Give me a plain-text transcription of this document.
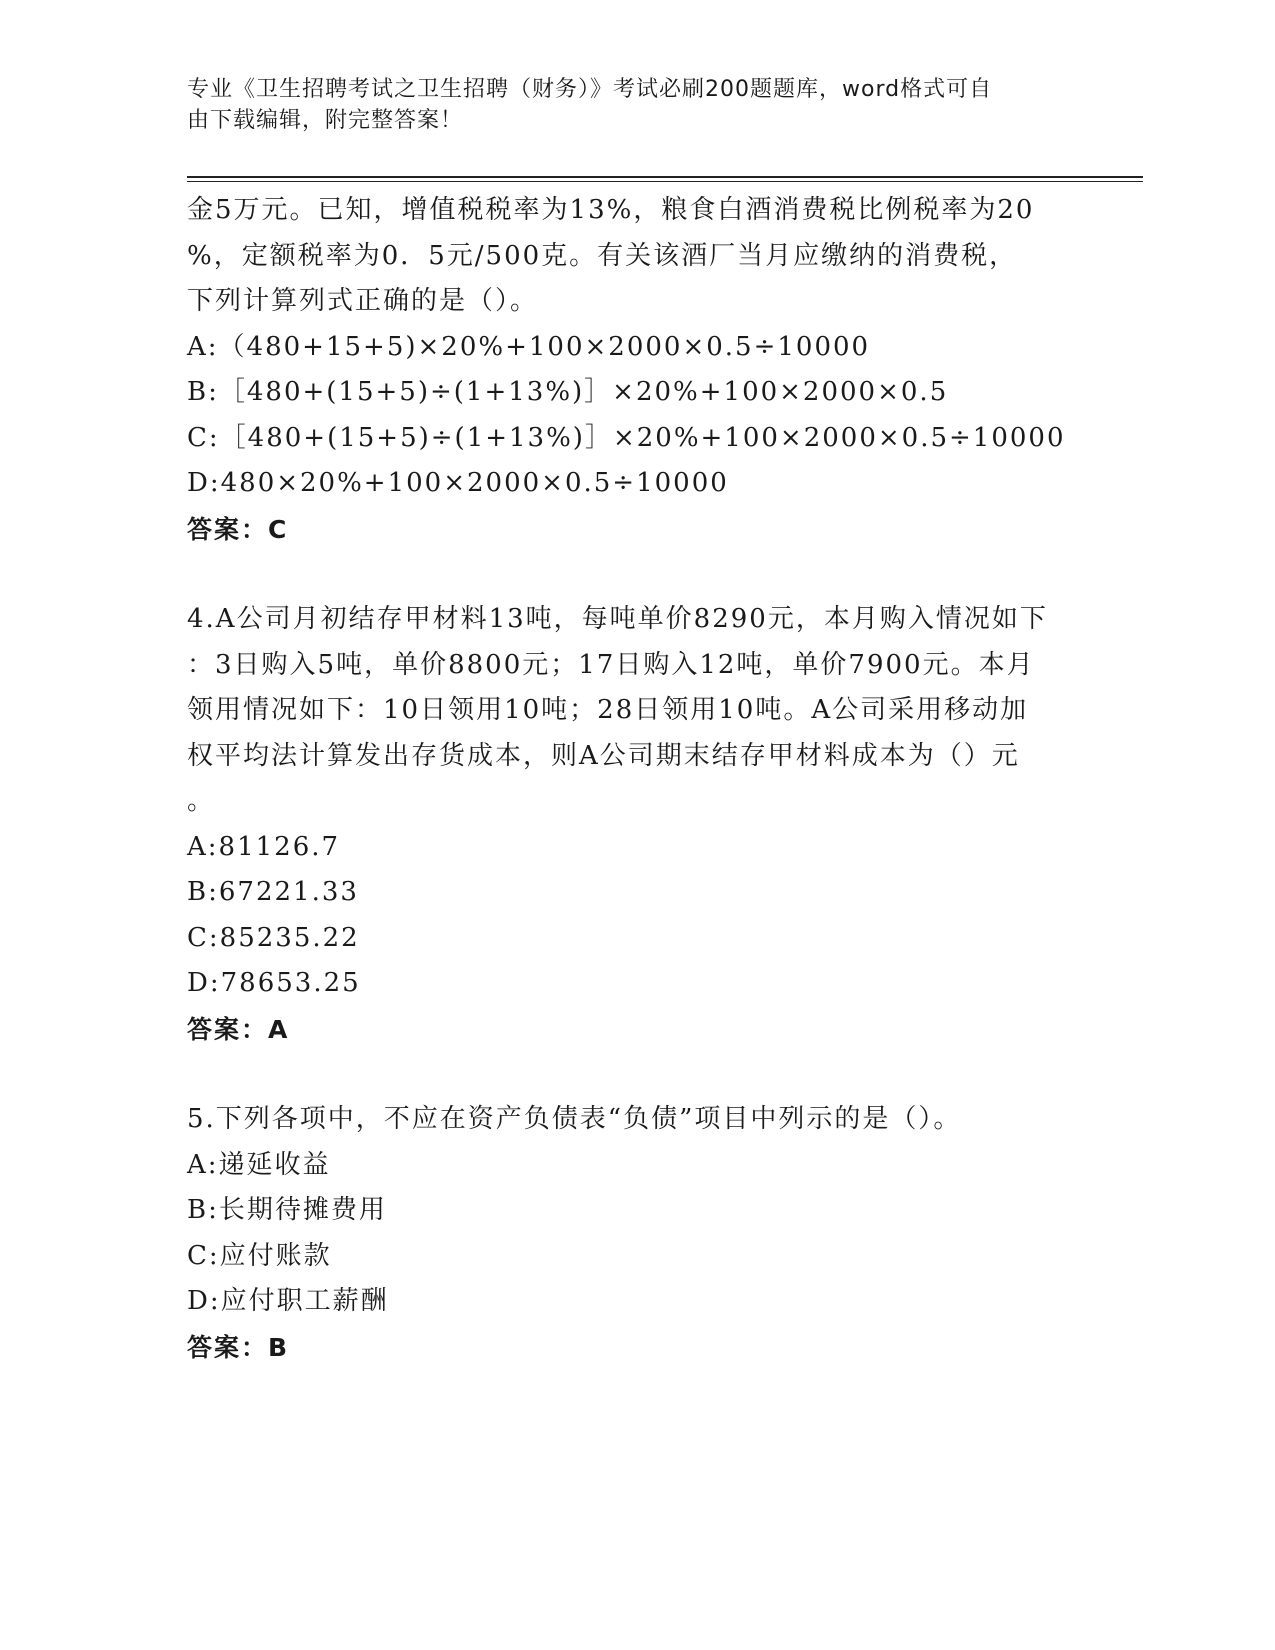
专业《卫生招聘考试之卫生招聘（财务）》考试必刷200题题库，word格式可自
由下载编辑，附完整答案！
金5万元。已知，增值税税率为13%，粮食白酒消费税比例税率为20
%，定额税率为0．5元/500克。有关该酒厂当月应缴纳的消费税，
下列计算列式正确的是（）。
A:（480+15+5)×20%+100×2000×0.5÷10000
B:［480+(15+5)÷(1+13%)］×20%+100×2000×0.5
C:［480+(15+5)÷(1+13%)］×20%+100×2000×0.5÷10000
D:480×20%+100×2000×0.5÷10000
答案：C
4.A公司月初结存甲材料13吨，每吨单价8290元，本月购入情况如下
：3日购入5吨，单价8800元；17日购入12吨，单价7900元。本月
领用情况如下：10日领用10吨；28日领用10吨。A公司采用移动加
权平均法计算发出存货成本，则A公司期末结存甲材料成本为（）元
。
A:81126.7
B:67221.33
C:85235.22
D:78653.25
答案：A
5.下列各项中，不应在资产负债表“负债”项目中列示的是（）。
A:递延收益
B:长期待摊费用
C:应付账款
D:应付职工薪酬
答案：B
